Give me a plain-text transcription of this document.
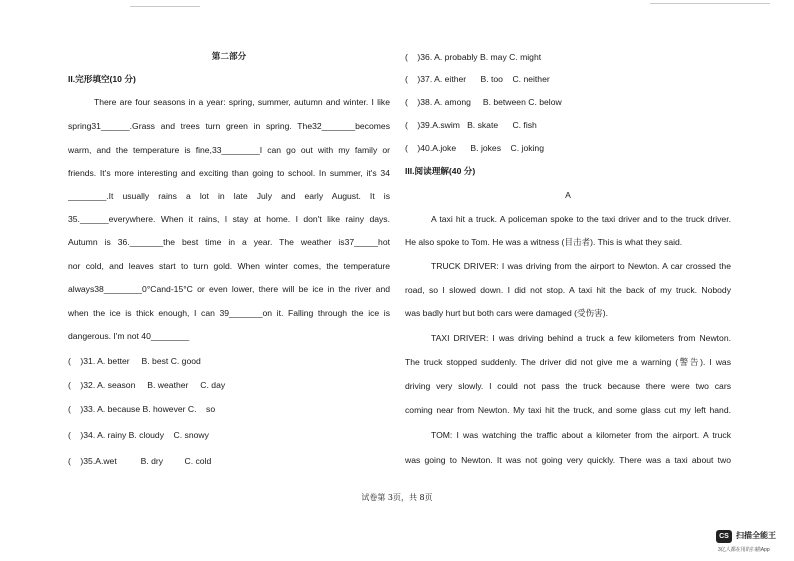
第二部分
II.完形填空(10 分)
There are four seasons in a year: spring, summer, autumn and winter. I like
spring31______.Grass and trees turn green in spring. The32_______becomes
warm, and the temperature is fine,33________I can go out with my family or
friends. It's more interesting and exciting than going to school. In summer, it's 34
________.It usually rains a lot in late July and early August. It is
35.______everywhere. When it rains, I stay at home. I don't like rainy days.
Autumn is 36._______the best time in a year. The weather is37_____hot
nor cold, and leaves start to turn gold. When winter comes, the temperature
always38________0°Cand-15°C or even lower, there will be ice in the river and
when the ice is thick enough, I can 39_______on it. Falling through the ice is
dangerous. I'm not 40________
(    )31. A. better     B. best C. good
(    )32. A. season     B. weather     C. day
(    )33. A. because B. however C.    so
(    )34. A. rainy B. cloudy    C. snowy
(    )35.A.wet          B. dry         C. cold
(    )36. A. probably B. may C. might
(    )37. A. either      B. too    C. neither
(    )38. A. among     B. between C. below
(    )39.A.swim   B. skate      C. fish
(    )40.A.joke      B. jokes    C. joking
III.阅读理解(40 分)
A
A taxi hit a truck. A policeman spoke to the taxi driver and to the truck driver.
He also spoke to Tom. He was a witness (目击者). This is what they said.
TRUCK DRIVER: I was driving from the airport to Newton. A car crossed the
road, so I slowed down. I did not stop. A taxi hit the back of my truck. Nobody
was badly hurt but both cars were damaged (受伤害).
TAXI DRIVER: I was driving behind a truck a few kilometers from Newton.
The truck stopped suddenly. The driver did not give me a warning (警告). I was
driving very slowly. I could not pass the truck because there were two cars
coming near from Newton. My taxi hit the truck, and some glass cut my left hand.
TOM: I was watching the traffic about a kilometer from the airport. A truck
was going to Newton. It was not going very quickly. There was a taxi about two
试卷第 3页，共 8页
CS 扫描全能王
3亿人都在用的扫描App
